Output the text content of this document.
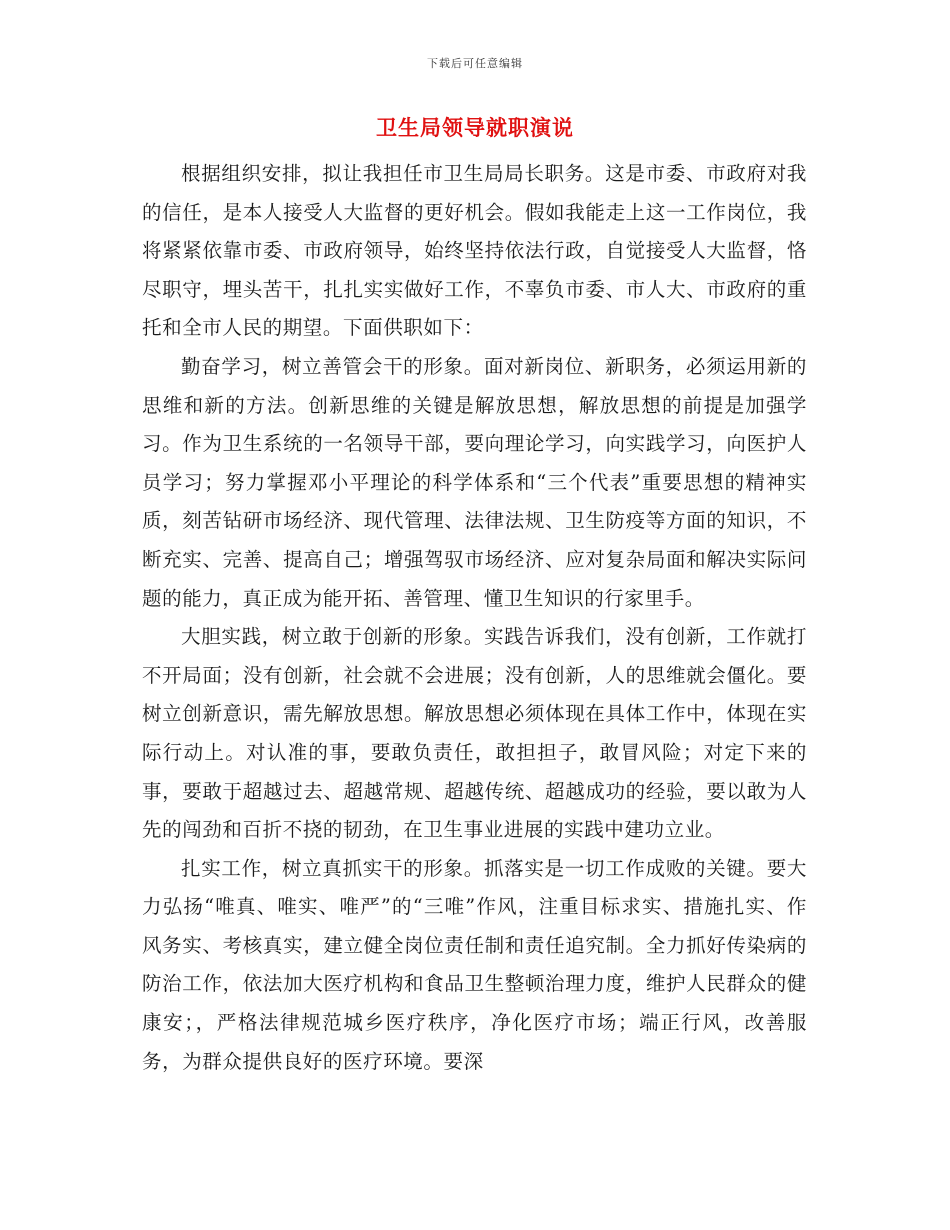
下载后可任意编辑
卫生局领导就职演说

根据组织安排，拟让我担任市卫生局局长职务。这是市委、市政府对我的信任，是本人接受人大监督的更好机会。假如我能走上这一工作岗位，我将紧紧依靠市委、市政府领导，始终坚持依法行政，自觉接受人大监督，恪尽职守，埋头苦干，扎扎实实做好工作，不辜负市委、市人大、市政府的重托和全市人民的期望。下面供职如下：

勤奋学习，树立善管会干的形象。面对新岗位、新职务，必须运用新的思维和新的方法。创新思维的关键是解放思想，解放思想的前提是加强学习。作为卫生系统的一名领导干部，要向理论学习，向实践学习，向医护人员学习；努力掌握邓小平理论的科学体系和“三个代表”重要思想的精神实质，刻苦钻研市场经济、现代管理、法律法规、卫生防疫等方面的知识，不断充实、完善、提高自己；增强驾驭市场经济、应对复杂局面和解决实际问题的能力，真正成为能开拓、善管理、懂卫生知识的行家里手。

大胆实践，树立敢于创新的形象。实践告诉我们，没有创新，工作就打不开局面；没有创新，社会就不会进展；没有创新，人的思维就会僵化。要树立创新意识，需先解放思想。解放思想必须体现在具体工作中，体现在实际行动上。对认准的事，要敢负责任，敢担担子，敢冒风险；对定下来的事，要敢于超越过去、超越常规、超越传统、超越成功的经验，要以敢为人先的闯劲和百折不挠的韧劲，在卫生事业进展的实践中建功立业。

扎实工作，树立真抓实干的形象。抓落实是一切工作成败的关键。要大力弘扬“唯真、唯实、唯严”的“三唯”作风，注重目标求实、措施扎实、作风务实、考核真实，建立健全岗位责任制和责任追究制。全力抓好传染病的防治工作，依法加大医疗机构和食品卫生整顿治理力度，维护人民群众的健康安；，严格法律规范城乡医疗秩序，净化医疗市场；端正行风，改善服务，为群众提供良好的医疗环境。要深
